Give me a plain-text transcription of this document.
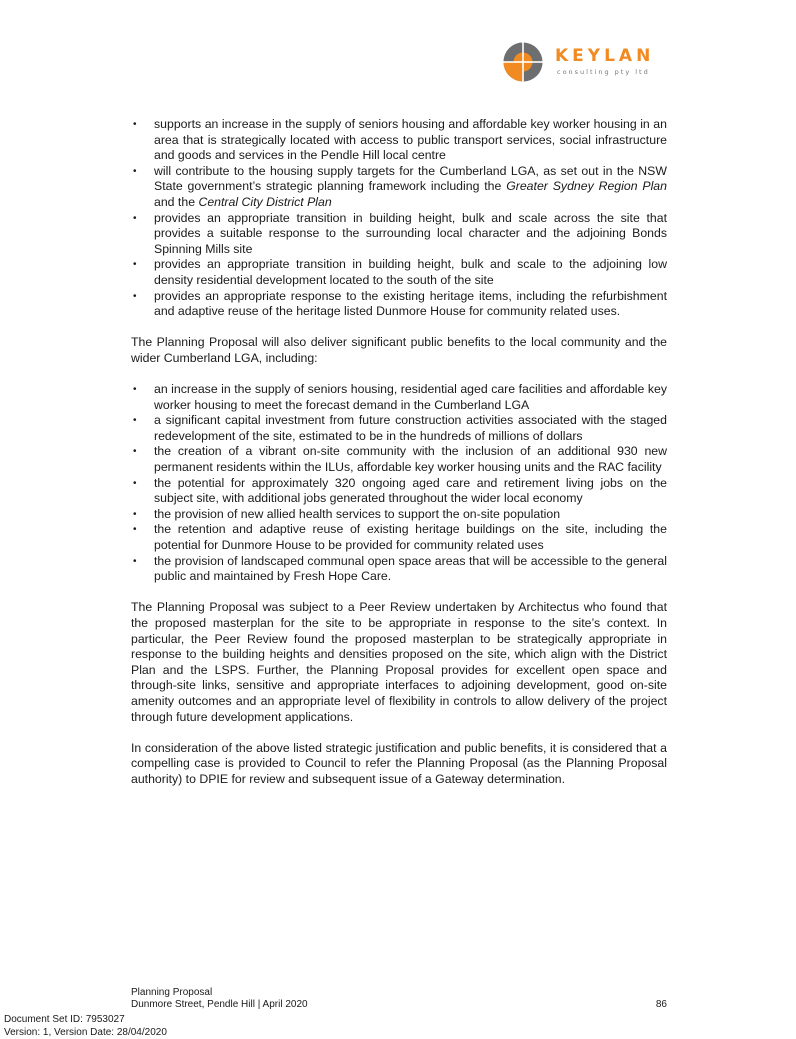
KEYLAN
consulting pty ltd
• supports an increase in the supply of seniors housing and affordable key worker housing in an area that is strategically located with access to public transport services, social infrastructure and goods and services in the Pendle Hill local centre
• will contribute to the housing supply targets for the Cumberland LGA, as set out in the NSW State government’s strategic planning framework including the Greater Sydney Region Plan and the Central City District Plan
• provides an appropriate transition in building height, bulk and scale across the site that provides a suitable response to the surrounding local character and the adjoining Bonds Spinning Mills site
• provides an appropriate transition in building height, bulk and scale to the adjoining low density residential development located to the south of the site
• provides an appropriate response to the existing heritage items, including the refurbishment and adaptive reuse of the heritage listed Dunmore House for community related uses.

The Planning Proposal will also deliver significant public benefits to the local community and the wider Cumberland LGA, including:

• an increase in the supply of seniors housing, residential aged care facilities and affordable key worker housing to meet the forecast demand in the Cumberland LGA
• a significant capital investment from future construction activities associated with the staged redevelopment of the site, estimated to be in the hundreds of millions of dollars
• the creation of a vibrant on-site community with the inclusion of an additional 930 new permanent residents within the ILUs, affordable key worker housing units and the RAC facility
• the potential for approximately 320 ongoing aged care and retirement living jobs on the subject site, with additional jobs generated throughout the wider local economy
• the provision of new allied health services to support the on-site population
• the retention and adaptive reuse of existing heritage buildings on the site, including the potential for Dunmore House to be provided for community related uses
• the provision of landscaped communal open space areas that will be accessible to the general public and maintained by Fresh Hope Care.

The Planning Proposal was subject to a Peer Review undertaken by Architectus who found that the proposed masterplan for the site to be appropriate in response to the site’s context. In particular, the Peer Review found the proposed masterplan to be strategically appropriate in response to the building heights and densities proposed on the site, which align with the District Plan and the LSPS. Further, the Planning Proposal provides for excellent open space and through-site links, sensitive and appropriate interfaces to adjoining development, good on-site amenity outcomes and an appropriate level of flexibility in controls to allow delivery of the project through future development applications.

In consideration of the above listed strategic justification and public benefits, it is considered that a compelling case is provided to Council to refer the Planning Proposal (as the Planning Proposal authority) to DPIE for review and subsequent issue of a Gateway determination.

Planning Proposal
Dunmore Street, Pendle Hill | April 2020	86
Document Set ID: 7953027
Version: 1, Version Date: 28/04/2020
